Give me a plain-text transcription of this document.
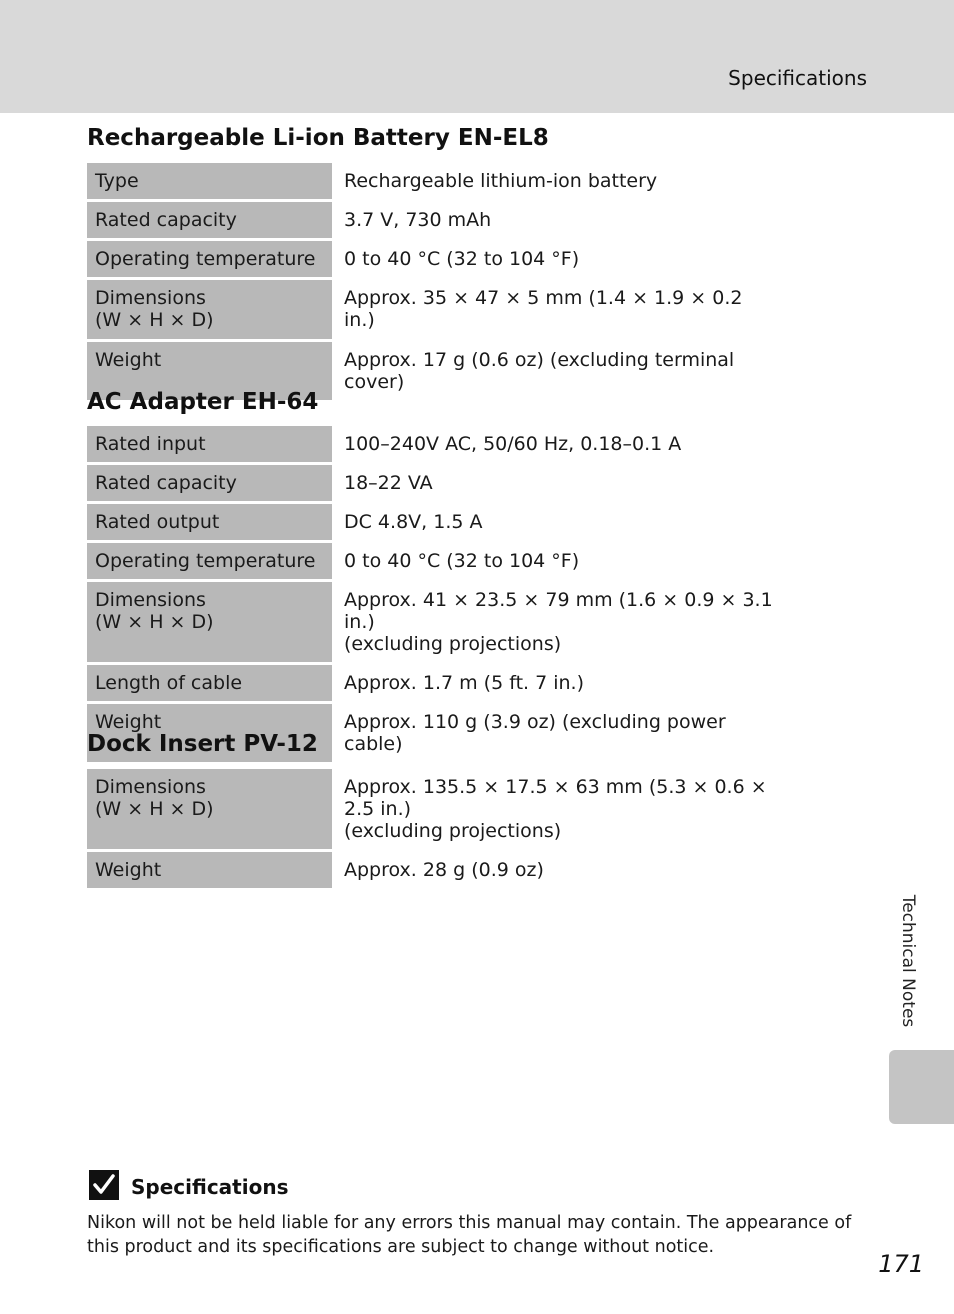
Specifications
Rechargeable Li-ion Battery EN-EL8
Type	Rechargeable lithium-ion battery
Rated capacity	3.7 V, 730 mAh
Operating temperature	0 to 40 °C (32 to 104 °F)
Dimensions
(W × H × D)	Approx. 35 × 47 × 5 mm (1.4 × 1.9 × 0.2 in.)
Weight	Approx. 17 g (0.6 oz) (excluding terminal cover)
AC Adapter EH-64
Rated input	100–240V AC, 50/60 Hz, 0.18–0.1 A
Rated capacity	18–22 VA
Rated output	DC 4.8V, 1.5 A
Operating temperature	0 to 40 °C (32 to 104 °F)
Dimensions
(W × H × D)	Approx. 41 × 23.5 × 79 mm (1.6 × 0.9 × 3.1 in.)
(excluding projections)
Length of cable	Approx. 1.7 m (5 ft. 7 in.)
Weight	Approx. 110 g (3.9 oz) (excluding power cable)
Dock Insert PV-12
Dimensions
(W × H × D)	Approx. 135.5 × 17.5 × 63 mm (5.3 × 0.6 × 2.5 in.)
(excluding projections)
Weight	Approx. 28 g (0.9 oz)
Technical Notes
Specifications
Nikon will not be held liable for any errors this manual may contain. The appearance of this product and its specifications are subject to change without notice.
171
